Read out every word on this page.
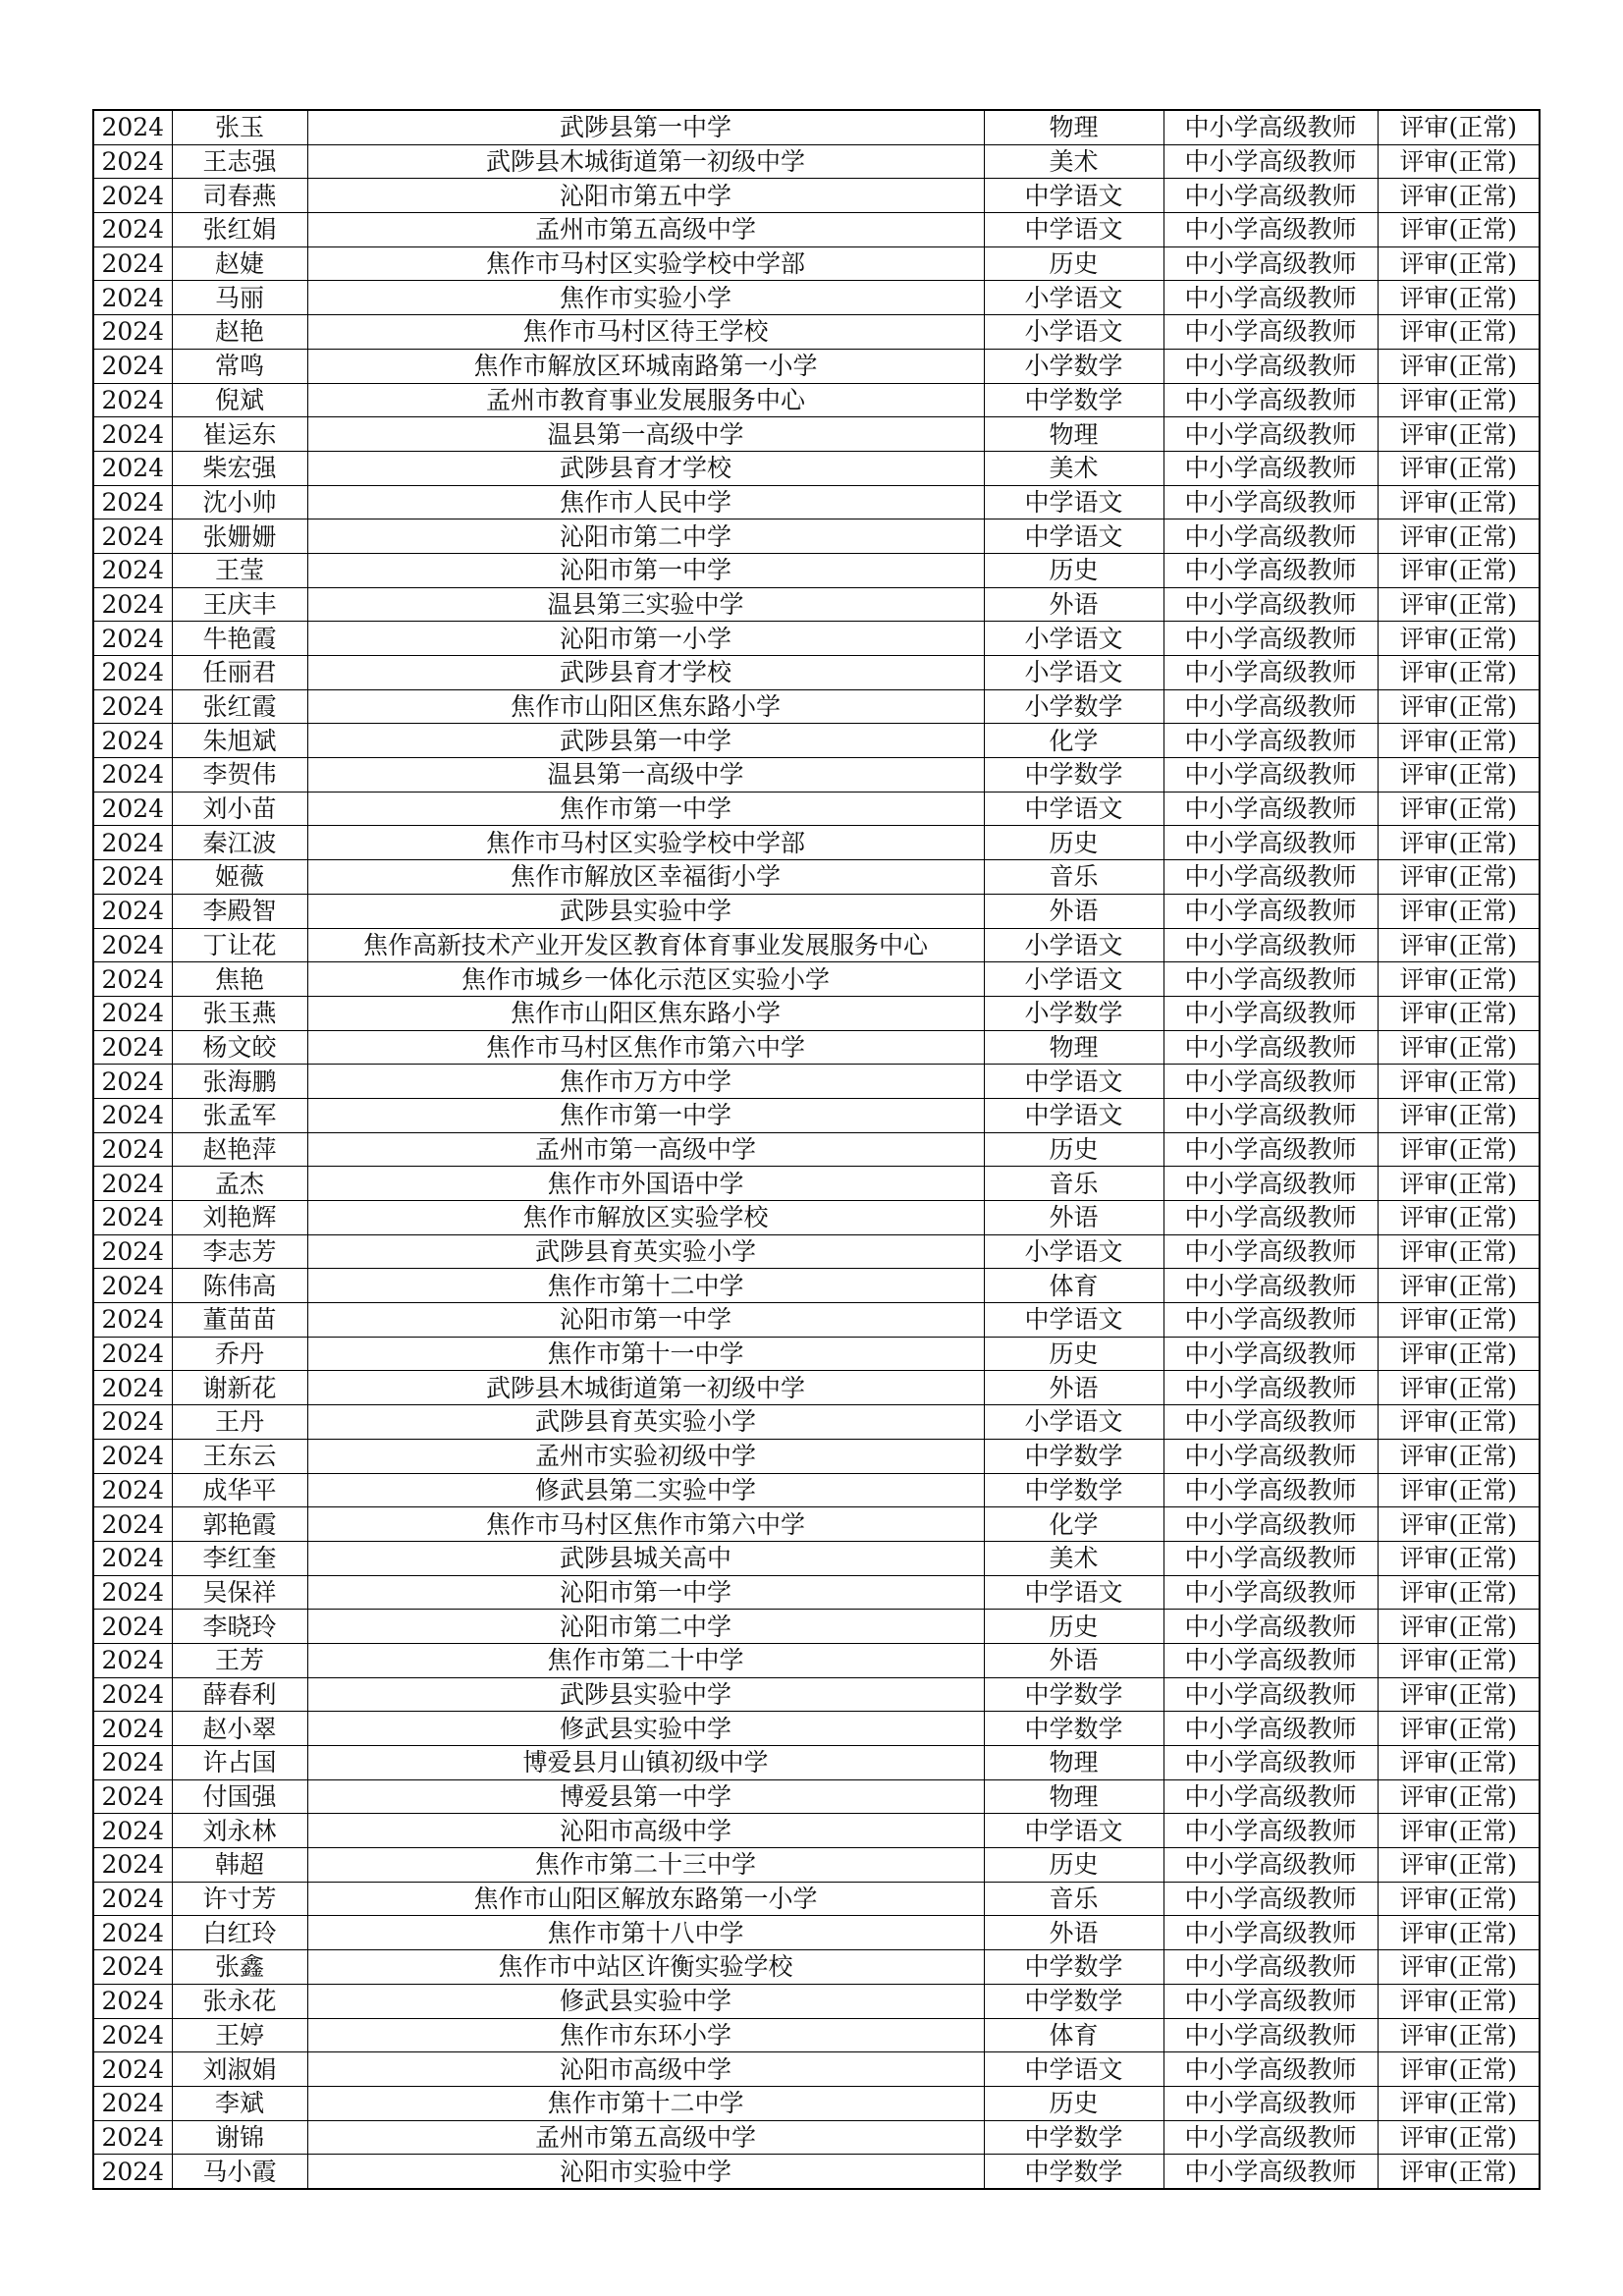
2024	张玉	武陟县第一中学	物理	中小学高级教师	评审(正常)
2024	王志强	武陟县木城街道第一初级中学	美术	中小学高级教师	评审(正常)
2024	司春燕	沁阳市第五中学	中学语文	中小学高级教师	评审(正常)
2024	张红娟	孟州市第五高级中学	中学语文	中小学高级教师	评审(正常)
2024	赵婕	焦作市马村区实验学校中学部	历史	中小学高级教师	评审(正常)
2024	马丽	焦作市实验小学	小学语文	中小学高级教师	评审(正常)
2024	赵艳	焦作市马村区待王学校	小学语文	中小学高级教师	评审(正常)
2024	常鸣	焦作市解放区环城南路第一小学	小学数学	中小学高级教师	评审(正常)
2024	倪斌	孟州市教育事业发展服务中心	中学数学	中小学高级教师	评审(正常)
2024	崔运东	温县第一高级中学	物理	中小学高级教师	评审(正常)
2024	柴宏强	武陟县育才学校	美术	中小学高级教师	评审(正常)
2024	沈小帅	焦作市人民中学	中学语文	中小学高级教师	评审(正常)
2024	张姗姗	沁阳市第二中学	中学语文	中小学高级教师	评审(正常)
2024	王莹	沁阳市第一中学	历史	中小学高级教师	评审(正常)
2024	王庆丰	温县第三实验中学	外语	中小学高级教师	评审(正常)
2024	牛艳霞	沁阳市第一小学	小学语文	中小学高级教师	评审(正常)
2024	任丽君	武陟县育才学校	小学语文	中小学高级教师	评审(正常)
2024	张红霞	焦作市山阳区焦东路小学	小学数学	中小学高级教师	评审(正常)
2024	朱旭斌	武陟县第一中学	化学	中小学高级教师	评审(正常)
2024	李贺伟	温县第一高级中学	中学数学	中小学高级教师	评审(正常)
2024	刘小苗	焦作市第一中学	中学语文	中小学高级教师	评审(正常)
2024	秦江波	焦作市马村区实验学校中学部	历史	中小学高级教师	评审(正常)
2024	姬薇	焦作市解放区幸福街小学	音乐	中小学高级教师	评审(正常)
2024	李殿智	武陟县实验中学	外语	中小学高级教师	评审(正常)
2024	丁让花	焦作高新技术产业开发区教育体育事业发展服务中心	小学语文	中小学高级教师	评审(正常)
2024	焦艳	焦作市城乡一体化示范区实验小学	小学语文	中小学高级教师	评审(正常)
2024	张玉燕	焦作市山阳区焦东路小学	小学数学	中小学高级教师	评审(正常)
2024	杨文皎	焦作市马村区焦作市第六中学	物理	中小学高级教师	评审(正常)
2024	张海鹏	焦作市万方中学	中学语文	中小学高级教师	评审(正常)
2024	张孟军	焦作市第一中学	中学语文	中小学高级教师	评审(正常)
2024	赵艳萍	孟州市第一高级中学	历史	中小学高级教师	评审(正常)
2024	孟杰	焦作市外国语中学	音乐	中小学高级教师	评审(正常)
2024	刘艳辉	焦作市解放区实验学校	外语	中小学高级教师	评审(正常)
2024	李志芳	武陟县育英实验小学	小学语文	中小学高级教师	评审(正常)
2024	陈伟高	焦作市第十二中学	体育	中小学高级教师	评审(正常)
2024	董苗苗	沁阳市第一中学	中学语文	中小学高级教师	评审(正常)
2024	乔丹	焦作市第十一中学	历史	中小学高级教师	评审(正常)
2024	谢新花	武陟县木城街道第一初级中学	外语	中小学高级教师	评审(正常)
2024	王丹	武陟县育英实验小学	小学语文	中小学高级教师	评审(正常)
2024	王东云	孟州市实验初级中学	中学数学	中小学高级教师	评审(正常)
2024	成华平	修武县第二实验中学	中学数学	中小学高级教师	评审(正常)
2024	郭艳霞	焦作市马村区焦作市第六中学	化学	中小学高级教师	评审(正常)
2024	李红奎	武陟县城关高中	美术	中小学高级教师	评审(正常)
2024	吴保祥	沁阳市第一中学	中学语文	中小学高级教师	评审(正常)
2024	李晓玲	沁阳市第二中学	历史	中小学高级教师	评审(正常)
2024	王芳	焦作市第二十中学	外语	中小学高级教师	评审(正常)
2024	薛春利	武陟县实验中学	中学数学	中小学高级教师	评审(正常)
2024	赵小翠	修武县实验中学	中学数学	中小学高级教师	评审(正常)
2024	许占国	博爱县月山镇初级中学	物理	中小学高级教师	评审(正常)
2024	付国强	博爱县第一中学	物理	中小学高级教师	评审(正常)
2024	刘永林	沁阳市高级中学	中学语文	中小学高级教师	评审(正常)
2024	韩超	焦作市第二十三中学	历史	中小学高级教师	评审(正常)
2024	许寸芳	焦作市山阳区解放东路第一小学	音乐	中小学高级教师	评审(正常)
2024	白红玲	焦作市第十八中学	外语	中小学高级教师	评审(正常)
2024	张鑫	焦作市中站区许衡实验学校	中学数学	中小学高级教师	评审(正常)
2024	张永花	修武县实验中学	中学数学	中小学高级教师	评审(正常)
2024	王婷	焦作市东环小学	体育	中小学高级教师	评审(正常)
2024	刘淑娟	沁阳市高级中学	中学语文	中小学高级教师	评审(正常)
2024	李斌	焦作市第十二中学	历史	中小学高级教师	评审(正常)
2024	谢锦	孟州市第五高级中学	中学数学	中小学高级教师	评审(正常)
2024	马小霞	沁阳市实验中学	中学数学	中小学高级教师	评审(正常)
